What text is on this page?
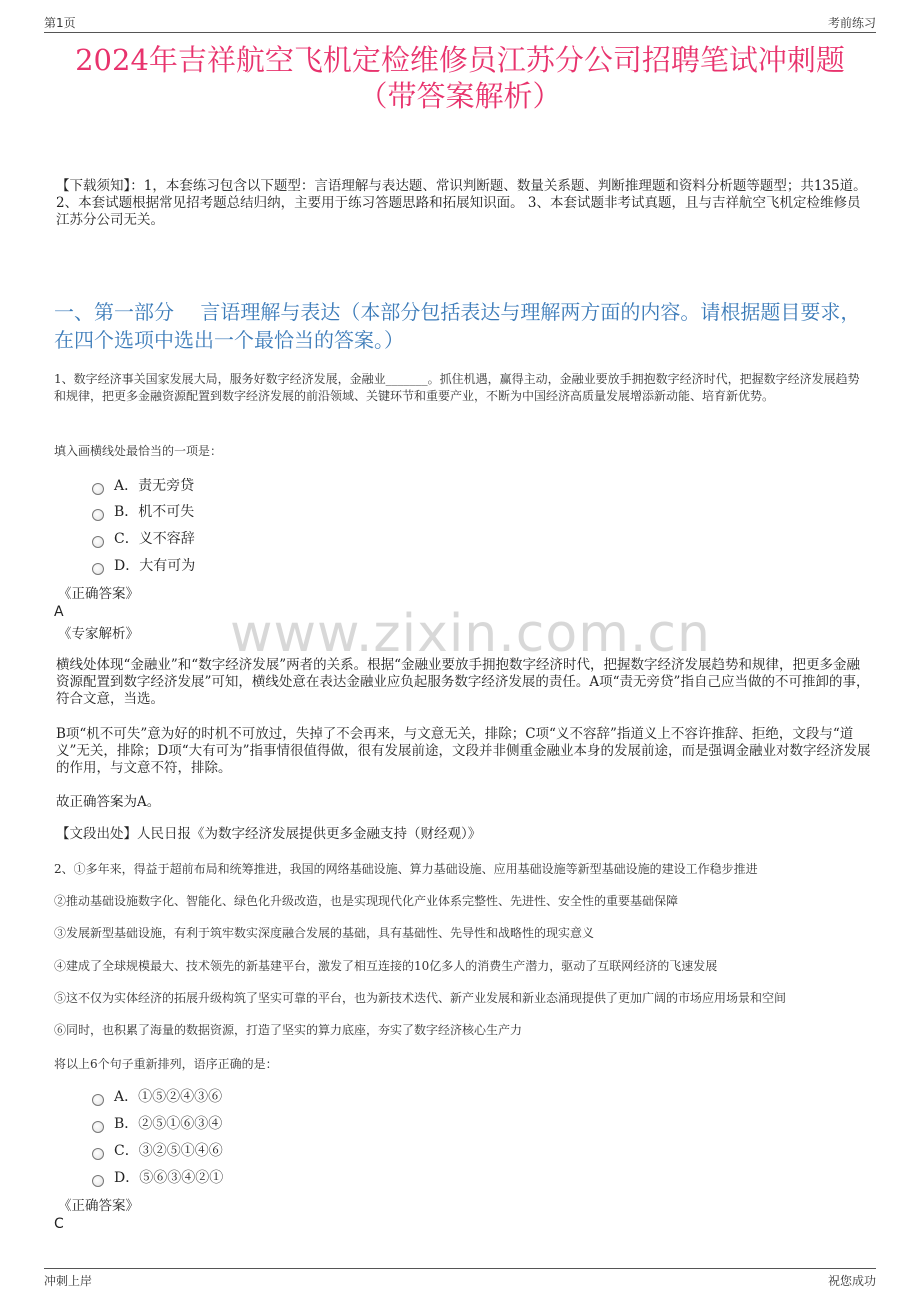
第1页	考前练习
2024年吉祥航空飞机定检维修员江苏分公司招聘笔试冲刺题
（带答案解析）
【下载须知】：1，本套练习包含以下题型：言语理解与表达题、常识判断题、数量关系题、判断推理题和资料分析题等题型；共135道。 2、本套试题根据常见招考题总结归纳，主要用于练习答题思路和拓展知识面。 3、本套试题非考试真题，且与吉祥航空飞机定检维修员江苏分公司无关。
一、第一部分　 言语理解与表达（本部分包括表达与理解两方面的内容。请根据题目要求，在四个选项中选出一个最恰当的答案。）
1、数字经济事关国家发展大局，服务好数字经济发展，金融业_______。抓住机遇，赢得主动，金融业要放手拥抱数字经济时代，把握数字经济发展趋势和规律，把更多金融资源配置到数字经济发展的前沿领域、关键环节和重要产业，不断为中国经济高质量发展增添新动能、培育新优势。
填入画横线处最恰当的一项是：
A．责无旁贷
B．机不可失
C．义不容辞
D．大有可为
《正确答案》
A
《专家解析》	www.zixin.com.cn
横线处体现“金融业”和“数字经济发展”两者的关系。根据“金融业要放手拥抱数字经济时代，把握数字经济发展趋势和规律，把更多金融资源配置到数字经济发展”可知，横线处意在表达金融业应负起服务数字经济发展的责任。A项“责无旁贷”指自己应当做的不可推卸的事，符合文意，当选。
B项“机不可失”意为好的时机不可放过，失掉了不会再来，与文意无关，排除；C项“义不容辞”指道义上不容许推辞、拒绝，文段与“道义”无关，排除；D项“大有可为”指事情很值得做，很有发展前途，文段并非侧重金融业本身的发展前途，而是强调金融业对数字经济发展的作用，与文意不符，排除。
故正确答案为A。
【文段出处】人民日报《为数字经济发展提供更多金融支持（财经观）》
2、①多年来，得益于超前布局和统筹推进，我国的网络基础设施、算力基础设施、应用基础设施等新型基础设施的建设工作稳步推进
②推动基础设施数字化、智能化、绿色化升级改造，也是实现现代化产业体系完整性、先进性、安全性的重要基础保障
③发展新型基础设施，有利于筑牢数实深度融合发展的基础，具有基础性、先导性和战略性的现实意义
④建成了全球规模最大、技术领先的新基建平台，激发了相互连接的10亿多人的消费生产潜力，驱动了互联网经济的飞速发展
⑤这不仅为实体经济的拓展升级构筑了坚实可靠的平台，也为新技术迭代、新产业发展和新业态涌现提供了更加广阔的市场应用场景和空间
⑥同时，也积累了海量的数据资源，打造了坚实的算力底座，夯实了数字经济核心生产力
将以上6个句子重新排列，语序正确的是：
A．①⑤②④③⑥
B．②⑤①⑥③④
C．③②⑤①④⑥
D．⑤⑥③④②①
《正确答案》
C
冲刺上岸	祝您成功
